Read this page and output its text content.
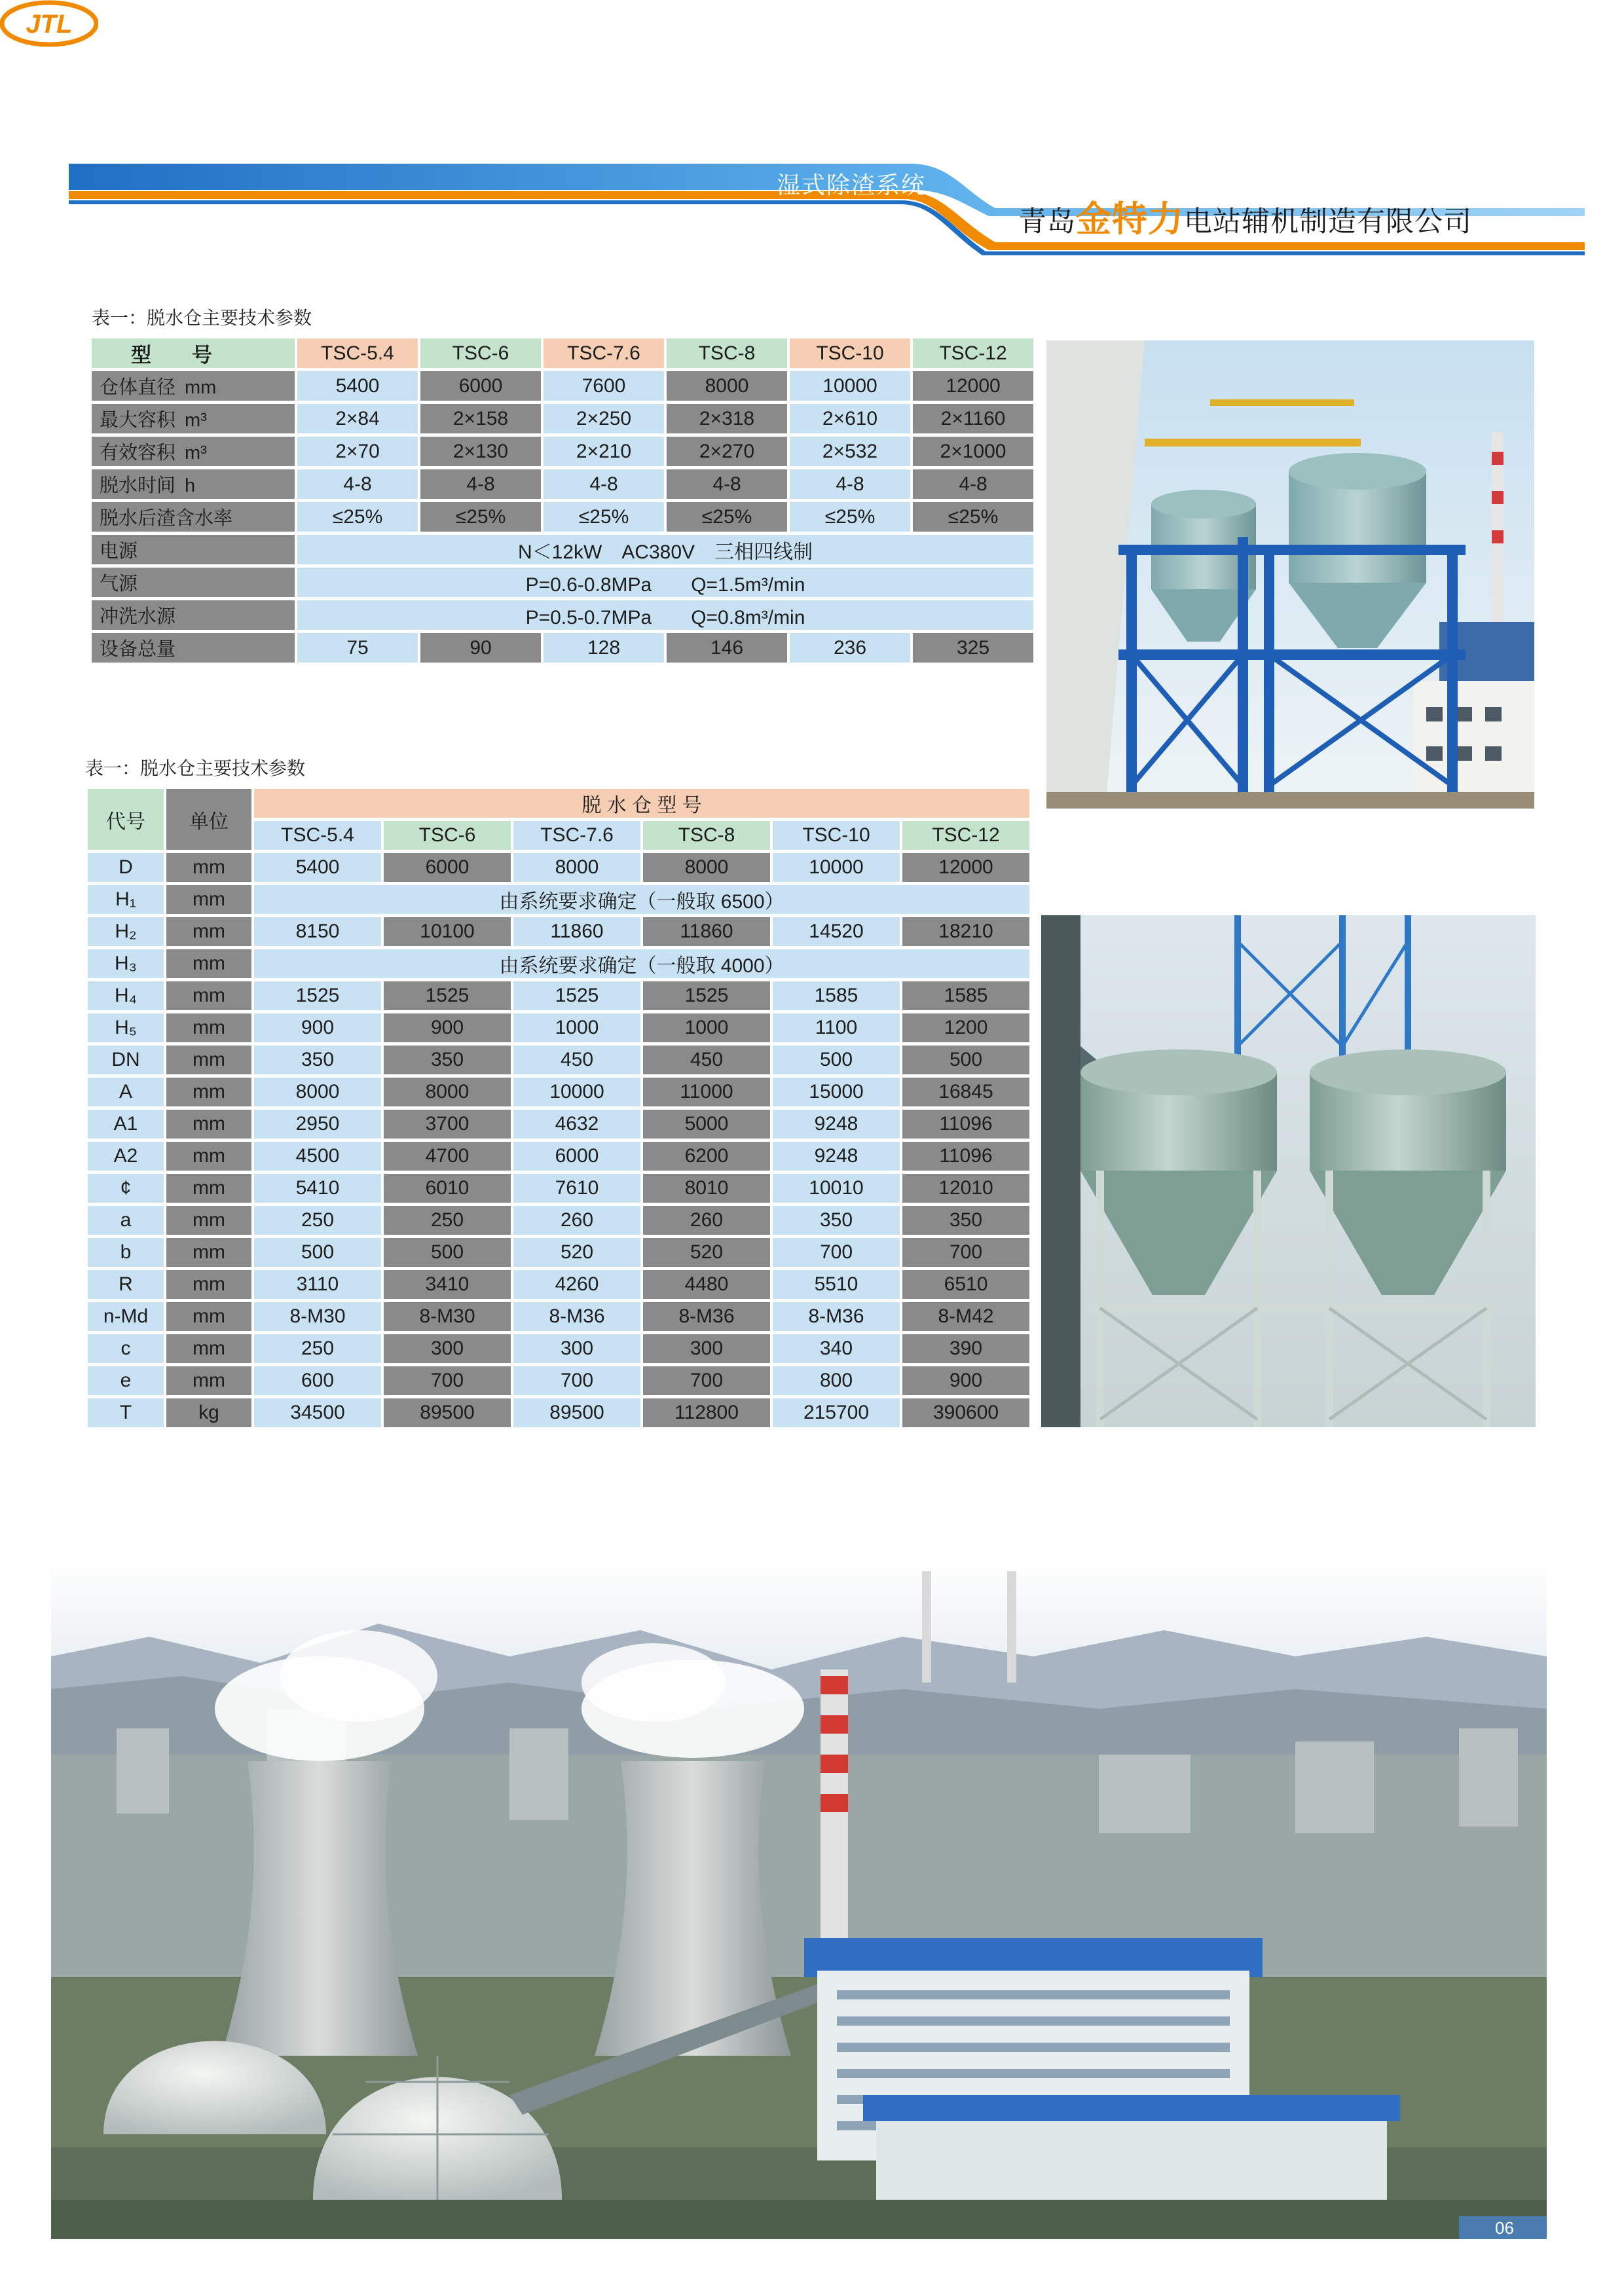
湿式除渣系统
青岛金特力电站辅机制造有限公司
JTL
表一：脱水仓主要技术参数
型　　号	TSC-5.4	TSC-6	TSC-7.6	TSC-8	TSC-10	TSC-12
仓体直径 mm	5400	6000	7600	8000	10000	12000
最大容积 m³	2×84	2×158	2×250	2×318	2×610	2×1160
有效容积 m³	2×70	2×130	2×210	2×270	2×532	2×1000
脱水时间 h	4-8	4-8	4-8	4-8	4-8	4-8
脱水后渣含水率	≤25%	≤25%	≤25%	≤25%	≤25%	≤25%
电源	N＜12kW　AC380V　三相四线制					
气源	P=0.6-0.8MPa　　Q=1.5m³/min					
冲洗水源	P=0.5-0.7MPa　　Q=0.8m³/min					
设备总量	75	90	128	146	236	325
表一：脱水仓主要技术参数
代号	单位	脱 水 仓 型 号					
		TSC-5.4	TSC-6	TSC-7.6	TSC-8	TSC-10	TSC-12
D	mm	5400	6000	8000	8000	10000	12000
H₁	mm	由系统要求确定（一般取 6500）					
H₂	mm	8150	10100	11860	11860	14520	18210
H₃	mm	由系统要求确定（一般取 4000）					
H₄	mm	1525	1525	1525	1525	1585	1585
H₅	mm	900	900	1000	1000	1100	1200
DN	mm	350	350	450	450	500	500
A	mm	8000	8000	10000	11000	15000	16845
A1	mm	2950	3700	4632	5000	9248	11096
A2	mm	4500	4700	6000	6200	9248	11096
¢	mm	5410	6010	7610	8010	10010	12010
a	mm	250	250	260	260	350	350
b	mm	500	500	520	520	700	700
R	mm	3110	3410	4260	4480	5510	6510
n-Md	mm	8-M30	8-M30	8-M36	8-M36	8-M36	8-M42
c	mm	250	300	300	300	340	390
e	mm	600	700	700	700	800	900
T	kg	34500	89500	89500	112800	215700	390600
06
